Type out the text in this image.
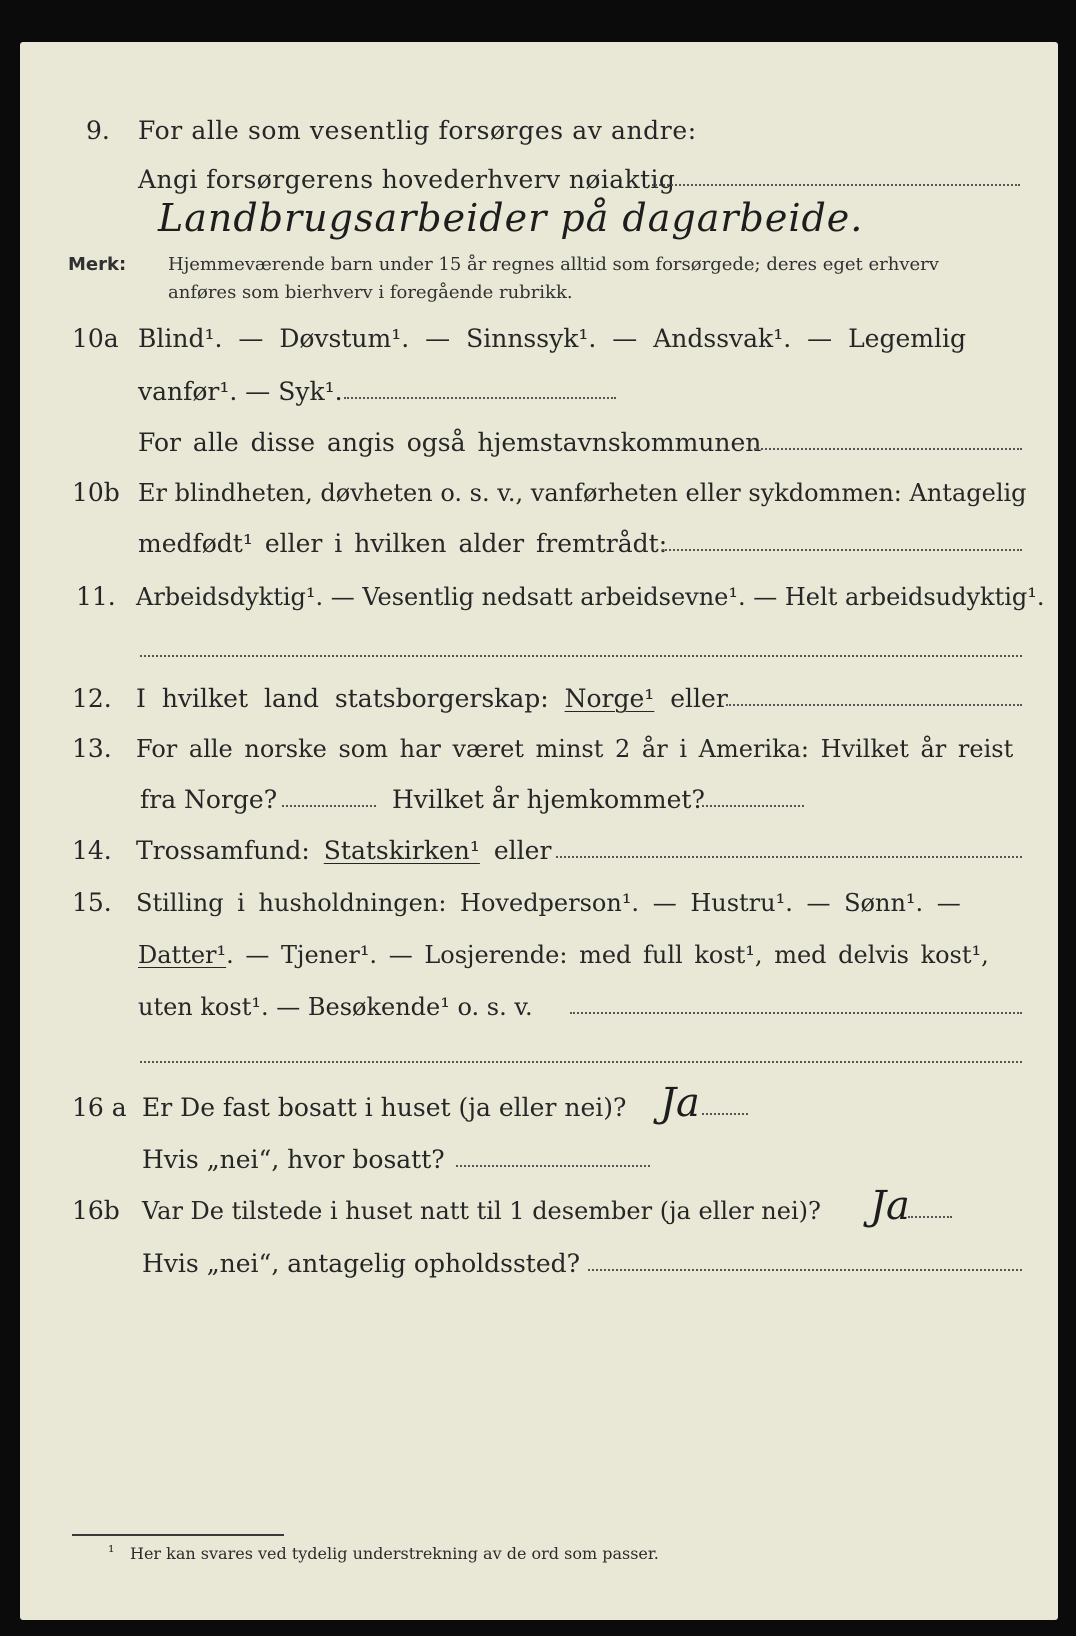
9. For alle som vesentlig forsørges av andre:
Angi forsørgerens hovederhverv nøiaktig
Landbrugsarbeider på dagarbeide.
Merk: Hjemmeværende barn under 15 år regnes alltid som forsørgede; deres eget erhverv
anføres som bierhverv i foregående rubrikk.
10a Blind¹. — Døvstum¹. — Sinnssyk¹. — Andssvak¹. — Legemlig
vanfør¹. — Syk¹.
For alle disse angis også hjemstavnskommunen
10b Er blindheten, døvheten o. s. v., vanførheten eller sykdommen: Antagelig
medfødt¹ eller i hvilken alder fremtrådt:
11. Arbeidsdyktig¹. — Vesentlig nedsatt arbeidsevne¹. — Helt arbeidsudyktig¹.
12. I hvilket land statsborgerskap: Norge¹ eller
13. For alle norske som har været minst 2 år i Amerika: Hvilket år reist
fra Norge?	Hvilket år hjemkommet?
14. Trossamfund: Statskirken¹ eller
15. Stilling i husholdningen: Hovedperson¹. — Hustru¹. — Sønn¹. —
Datter¹. — Tjener¹. — Losjerende: med full kost¹, med delvis kost¹,
uten kost¹. — Besøkende¹ o. s. v.
16 a Er De fast bosatt i huset (ja eller nei)? Ja
Hvis „nei“, hvor bosatt?
16b Var De tilstede i huset natt til 1 desember (ja eller nei)? Ja
Hvis „nei“, antagelig opholdssted?
¹ Her kan svares ved tydelig understrekning av de ord som passer.
